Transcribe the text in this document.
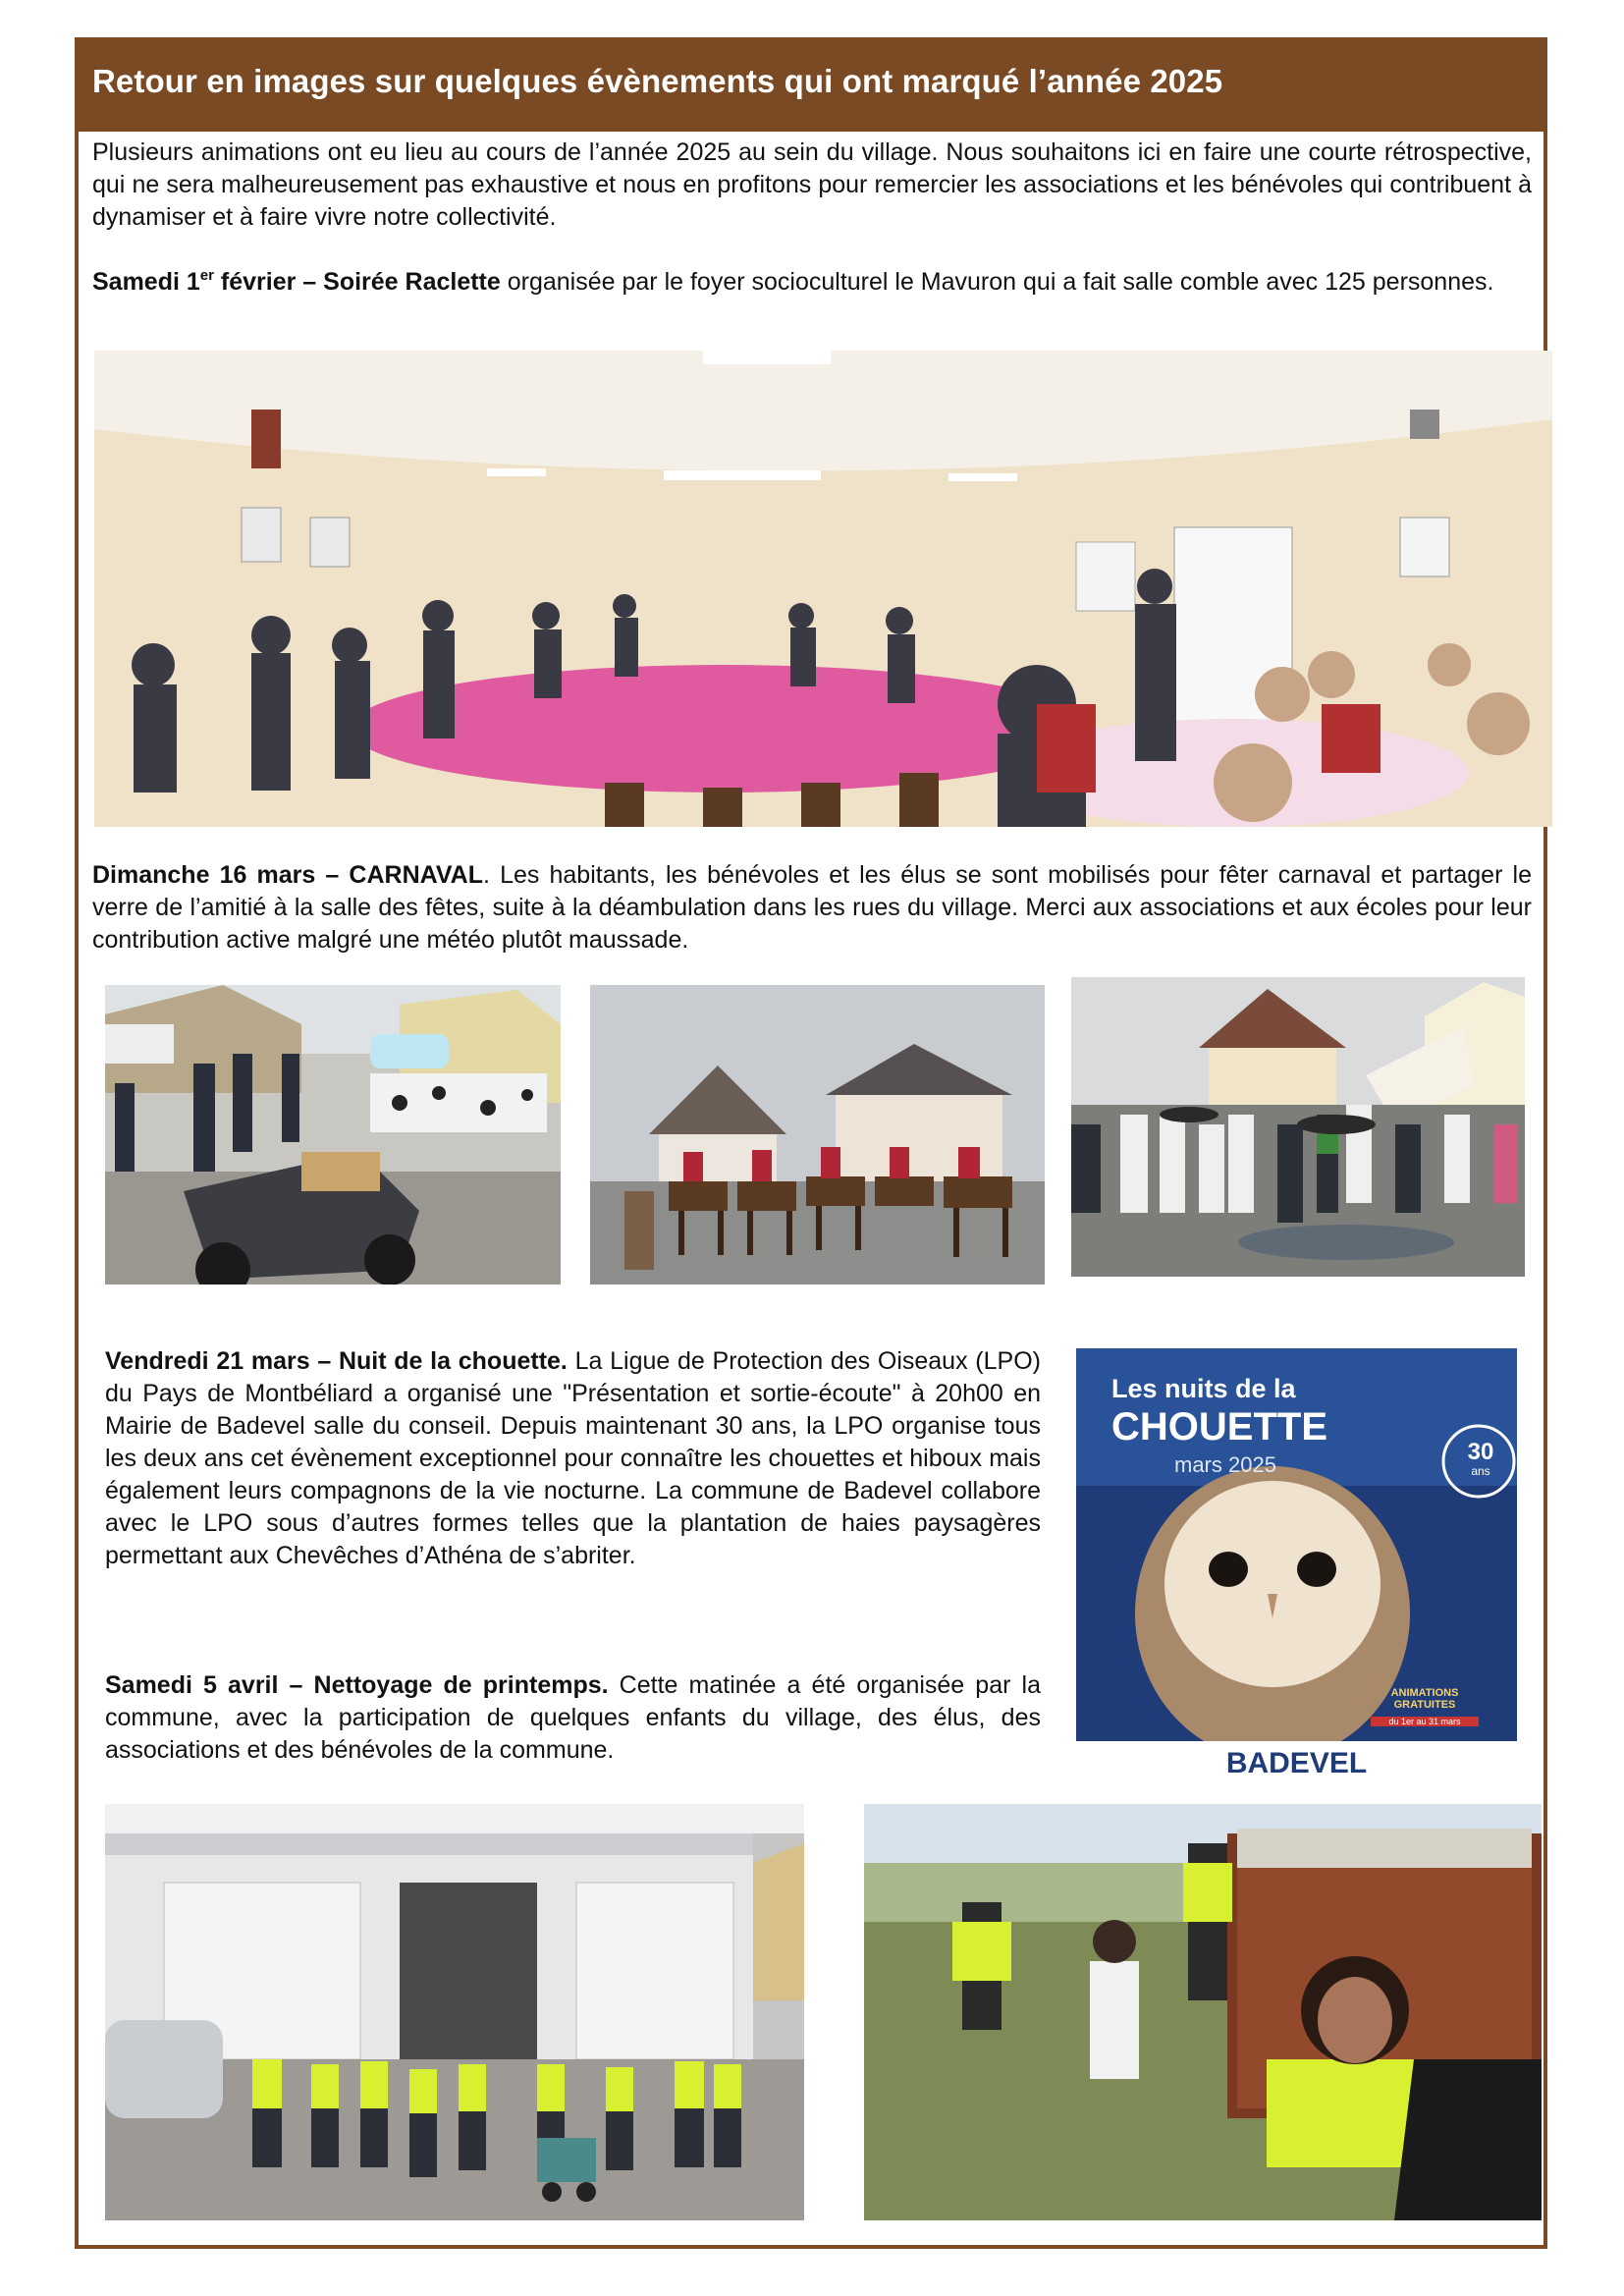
Retour en images sur quelques évènements qui ont marqué l’année 2025

Plusieurs animations ont eu lieu au cours de l’année 2025 au sein du village. Nous souhaitons ici en faire une courte rétrospective, qui ne sera malheureusement pas exhaustive et nous en profitons pour remercier les associations et les bénévoles qui contribuent à dynamiser et à faire vivre notre collectivité.

Samedi 1er février – Soirée Raclette organisée par le foyer socioculturel le Mavuron qui a fait salle comble avec 125 personnes.

Dimanche 16 mars – CARNAVAL. Les habitants, les bénévoles et les élus se sont mobilisés pour fêter carnaval et partager le verre de l’amitié à la salle des fêtes, suite à la déambulation dans les rues du village. Merci aux associations et aux écoles pour leur contribution active malgré une météo plutôt maussade.

Vendredi 21 mars – Nuit de la chouette. La Ligue de Protection des Oiseaux (LPO) du Pays de Montbéliard a organisé une "Présentation et sortie-écoute" à 20h00 en Mairie de Badevel salle du conseil. Depuis maintenant 30 ans, la LPO organise tous les deux ans cet évènement exceptionnel pour connaître les chouettes et hiboux mais également leurs compagnons de la vie nocturne. La commune de Badevel collabore avec le LPO sous d’autres formes telles que la plantation de haies paysagères permettant aux Chevêches d’Athéna de s’abriter.

Samedi 5 avril – Nettoyage de printemps. Cette matinée a été organisée par la commune, avec la participation de quelques enfants du village, des élus, des associations et des bénévoles de la commune.

Les nuits de la
CHOUETTE
mars 2025	30
ans
ANIMATIONS GRATUITES
du 1er au 31 mars
BADEVEL
